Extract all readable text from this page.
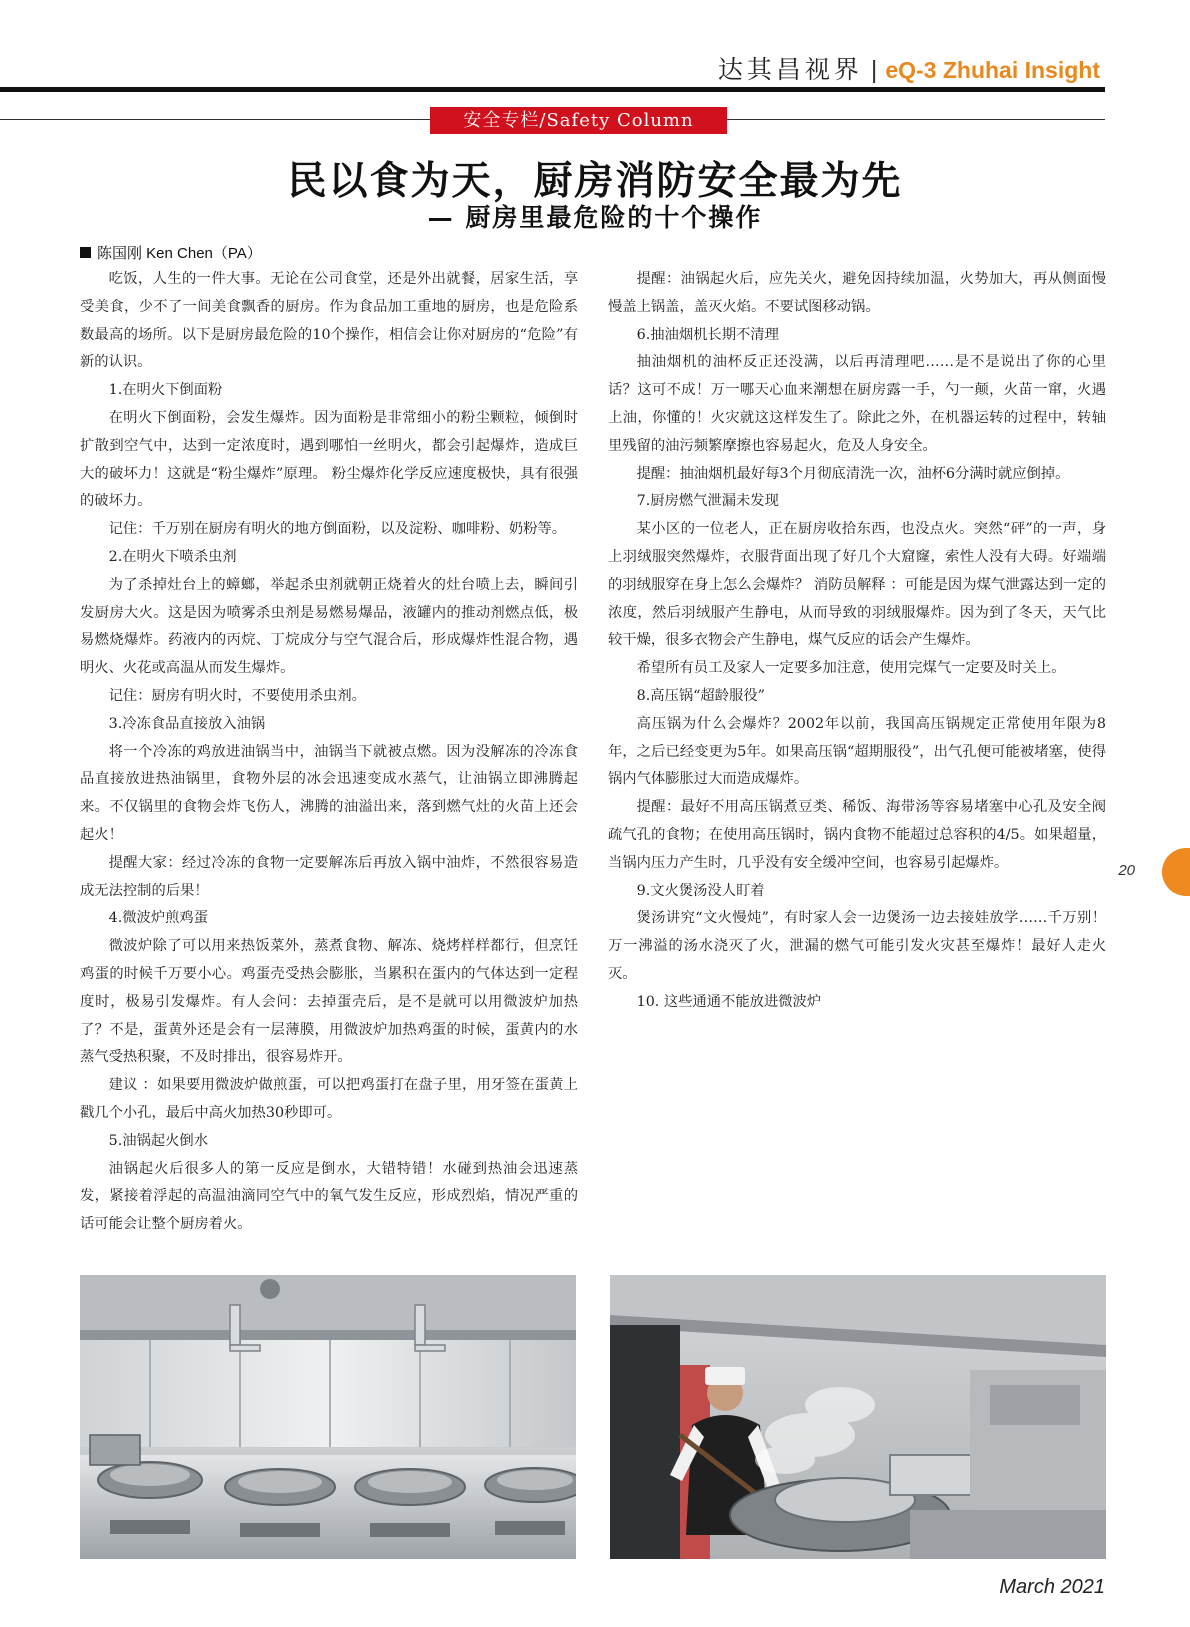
达其昌视界 | eQ-3 Zhuhai Insight
安全专栏/Safety Column
民以食为天，厨房消防安全最为先
— 厨房里最危险的十个操作
陈国刚 Ken Chen（PA）

吃饭，人生的一件大事。无论在公司食堂，还是外出就餐，居家生活，享受美食，少不了一间美食飘香的厨房。作为食品加工重地的厨房，也是危险系数最高的场所。以下是厨房最危险的10个操作，相信会让你对厨房的“危险”有新的认识。

1.在明火下倒面粉

在明火下倒面粉，会发生爆炸。因为面粉是非常细小的粉尘颗粒，倾倒时扩散到空气中，达到一定浓度时，遇到哪怕一丝明火，都会引起爆炸，造成巨大的破坏力！这就是“粉尘爆炸”原理。 粉尘爆炸化学反应速度极快，具有很强的破坏力。

记住：千万别在厨房有明火的地方倒面粉，以及淀粉、咖啡粉、奶粉等。

2.在明火下喷杀虫剂

为了杀掉灶台上的蟑螂，举起杀虫剂就朝正烧着火的灶台喷上去，瞬间引发厨房大火。这是因为喷雾杀虫剂是易燃易爆品，液罐内的推动剂燃点低，极易燃烧爆炸。药液内的丙烷、丁烷成分与空气混合后，形成爆炸性混合物，遇明火、火花或高温从而发生爆炸。

记住：厨房有明火时，不要使用杀虫剂。

3.冷冻食品直接放入油锅

将一个冷冻的鸡放进油锅当中，油锅当下就被点燃。因为没解冻的冷冻食品直接放进热油锅里，食物外层的冰会迅速变成水蒸气，让油锅立即沸腾起来。不仅锅里的食物会炸飞伤人，沸腾的油溢出来，落到燃气灶的火苗上还会起火！

提醒大家：经过冷冻的食物一定要解冻后再放入锅中油炸，不然很容易造成无法控制的后果！

4.微波炉煎鸡蛋

微波炉除了可以用来热饭菜外，蒸煮食物、解冻、烧烤样样都行，但烹饪鸡蛋的时候千万要小心。鸡蛋壳受热会膨胀，当累积在蛋内的气体达到一定程度时，极易引发爆炸。有人会问：去掉蛋壳后，是不是就可以用微波炉加热了？不是，蛋黄外还是会有一层薄膜，用微波炉加热鸡蛋的时候，蛋黄内的水蒸气受热积聚，不及时排出，很容易炸开。

建议 ：如果要用微波炉做煎蛋，可以把鸡蛋打在盘子里，用牙签在蛋黄上戳几个小孔，最后中高火加热30秒即可。

5.油锅起火倒水

油锅起火后很多人的第一反应是倒水，大错特错！水碰到热油会迅速蒸发，紧接着浮起的高温油滴同空气中的氧气发生反应，形成烈焰，情况严重的话可能会让整个厨房着火。

提醒：油锅起火后，应先关火，避免因持续加温，火势加大，再从侧面慢慢盖上锅盖，盖灭火焰。不要试图移动锅。

6.抽油烟机长期不清理

抽油烟机的油杯反正还没满，以后再清理吧……是不是说出了你的心里话？这可不成！万一哪天心血来潮想在厨房露一手，勺一颠，火苗一窜，火遇上油，你懂的！火灾就这这样发生了。除此之外，在机器运转的过程中，转轴里残留的油污频繁摩擦也容易起火，危及人身安全。

提醒：抽油烟机最好每3个月彻底清洗一次，油杯6分满时就应倒掉。

7.厨房燃气泄漏未发现

某小区的一位老人，正在厨房收拾东西，也没点火。突然“砰”的一声，身上羽绒服突然爆炸，衣服背面出现了好几个大窟窿，索性人没有大碍。好端端的羽绒服穿在身上怎么会爆炸？ 消防员解释 ：可能是因为煤气泄露达到一定的浓度，然后羽绒服产生静电，从而导致的羽绒服爆炸。因为到了冬天，天气比较干燥，很多衣物会产生静电，煤气反应的话会产生爆炸。

希望所有员工及家人一定要多加注意，使用完煤气一定要及时关上。

8.高压锅“超龄服役”

高压锅为什么会爆炸？2002年以前，我国高压锅规定正常使用年限为8年，之后已经变更为5年。如果高压锅“超期服役”，出气孔便可能被堵塞，使得锅内气体膨胀过大而造成爆炸。

提醒：最好不用高压锅煮豆类、稀饭、海带汤等容易堵塞中心孔及安全阀疏气孔的食物；在使用高压锅时，锅内食物不能超过总容积的4/5。如果超量，当锅内压力产生时，几乎没有安全缓冲空间，也容易引起爆炸。

9.文火煲汤没人盯着

煲汤讲究“文火慢炖”，有时家人会一边煲汤一边去接娃放学……千万别！万一沸溢的汤水浇灭了火，泄漏的燃气可能引发火灾甚至爆炸！最好人走火灭。

10. 这些通通不能放进微波炉

20
March 2021
